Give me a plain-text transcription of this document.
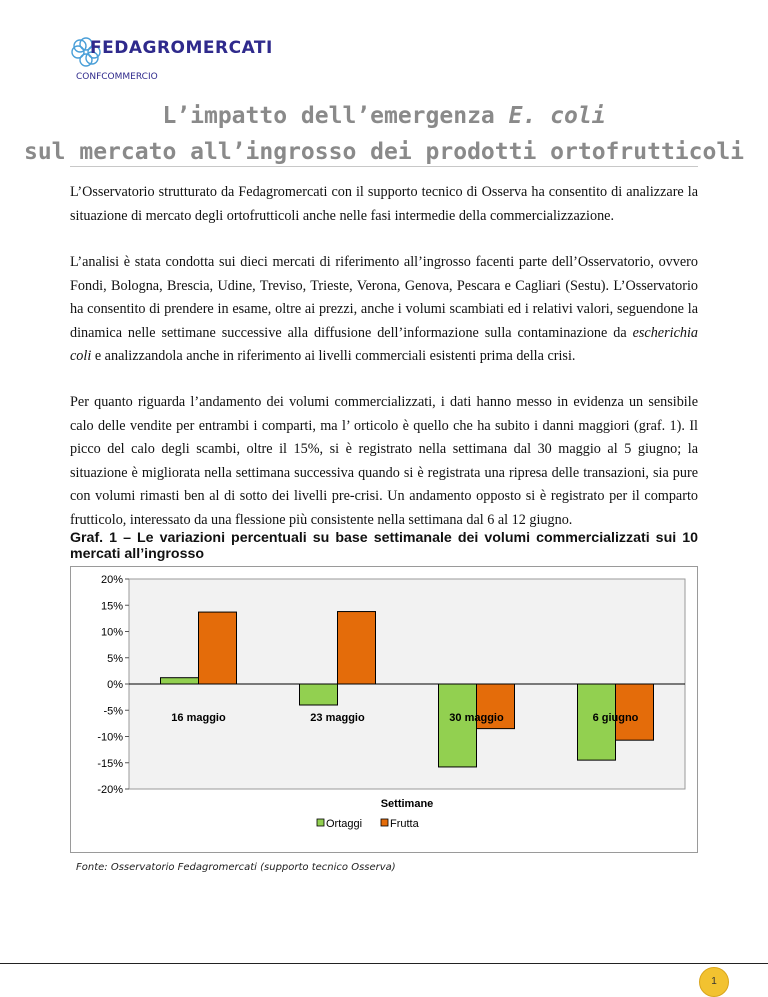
FEDAGROMERCATI
CONFCOMMERCIO
L’impatto dell’emergenza E. coli
sul mercato all’ingrosso dei prodotti ortofrutticoli

L’Osservatorio strutturato da Fedagromercati con il supporto tecnico di Osserva ha consentito di analizzare la situazione di mercato degli ortofrutticoli anche nelle fasi intermedie della commercializzazione.

L’analisi è stata condotta sui dieci mercati di riferimento all’ingrosso facenti parte dell’Osservatorio, ovvero Fondi, Bologna, Brescia, Udine, Treviso, Trieste, Verona, Genova, Pescara e Cagliari (Sestu). L’Osservatorio ha consentito di prendere in esame, oltre ai prezzi, anche i volumi scambiati ed i relativi valori, seguendone la dinamica nelle settimane successive alla diffusione dell’informazione sulla contaminazione da escherichia coli e analizzandola anche in riferimento ai livelli commerciali esistenti prima della crisi.

Per quanto riguarda l’andamento dei volumi commercializzati, i dati hanno messo in evidenza un sensibile calo delle vendite per entrambi i comparti, ma l’ orticolo è quello che ha subito i danni maggiori (graf. 1). Il picco del calo degli scambi, oltre il 15%, si è registrato nella settimana dal 30 maggio al 5 giugno; la situazione è migliorata nella settimana successiva quando si è registrata una ripresa delle transazioni, sia pure con volumi rimasti ben al di sotto dei livelli pre-crisi. Un andamento opposto si è registrato per il comparto frutticolo, interessato da una flessione più consistente nella settimana dal 6 al 12 giugno.

Graf. 1 – Le variazioni percentuali su base settimanale dei volumi commercializzati sui 10 mercati all’ingrosso
20%
15%
10%
5%
0%
-5%
-10%
-15%
-20%
16 maggio	23 maggio	30 maggio	6 giugno
Settimane
Ortaggi	Frutta
Fonte: Osservatorio Fedagromercati (supporto tecnico Osserva)
1
